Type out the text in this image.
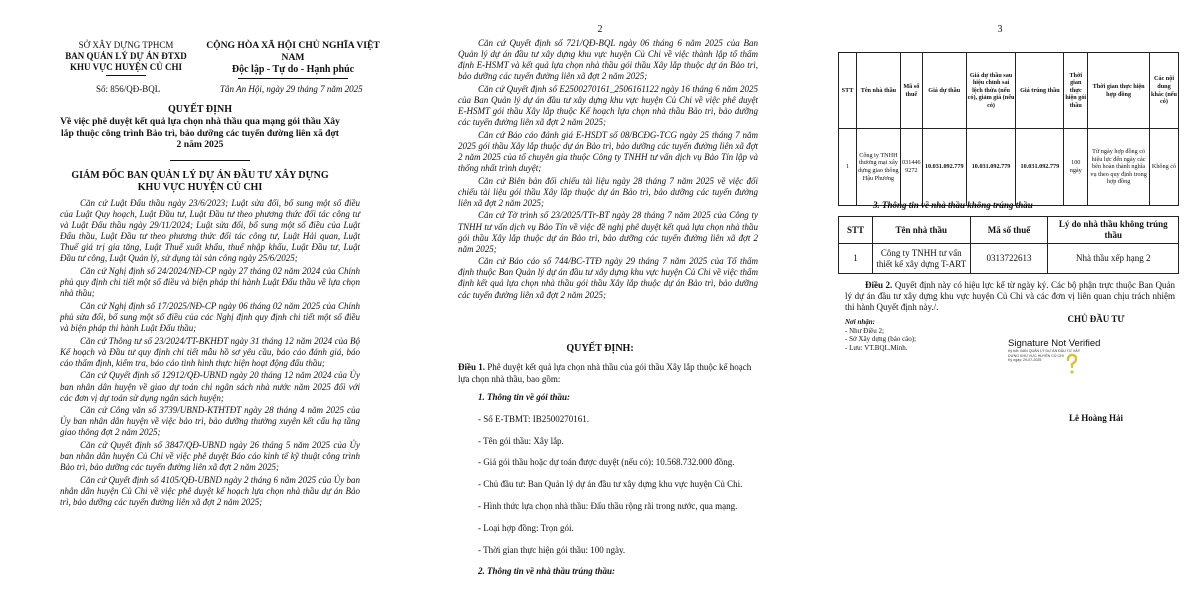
SỞ XÂY DỰNG TPHCM
BAN QUẢN LÝ DỰ ÁN ĐTXD
KHU VỰC HUYỆN CỦ CHI
CỘNG HÒA XÃ HỘI CHỦ NGHĨA VIỆT NAM
Độc lập - Tự do - Hạnh phúc
Số: 856/QĐ-BQL	Tân An Hội, ngày 29 tháng 7 năm 2025
QUYẾT ĐỊNH
Về việc phê duyệt kết quả lựa chọn nhà thầu qua mạng gói thầu Xây lắp thuộc công trình Bảo trì, bảo dưỡng các tuyến đường liên xã đợt 2 năm 2025
GIÁM ĐỐC BAN QUẢN LÝ DỰ ÁN ĐẦU TƯ XÂY DỰNG KHU VỰC HUYỆN CỦ CHI

Căn cứ Luật Đấu thầu ngày 23/6/2023; Luật sửa đổi, bổ sung một số điều của Luật Quy hoạch, Luật Đầu tư, Luật Đầu tư theo phương thức đối tác công tư và Luật Đấu thầu ngày 29/11/2024; Luật sửa đổi, bổ sung một số điều của Luật Đấu thầu, Luật Đầu tư theo phương thức đối tác công tư, Luật Hải quan, Luật Thuế giá trị gia tăng, Luật Thuế xuất khẩu, thuế nhập khẩu, Luật Đầu tư, Luật Đầu tư công, Luật Quản lý, sử dụng tài sản công ngày 25/6/2025;

Căn cứ Nghị định số 24/2024/NĐ-CP ngày 27 tháng 02 năm 2024 của Chính phủ quy định chi tiết một số điều và biện pháp thi hành Luật Đấu thầu về lựa chọn nhà thầu;

Căn cứ Nghị định số 17/2025/NĐ-CP ngày 06 tháng 02 năm 2025 của Chính phủ sửa đổi, bổ sung một số điều của các Nghị định quy định chi tiết một số điều và biện pháp thi hành Luật Đấu thầu;

Căn cứ Thông tư số 23/2024/TT-BKHĐT ngày 31 tháng 12 năm 2024 của Bộ Kế hoạch và Đầu tư quy định chi tiết mẫu hồ sơ yêu cầu, báo cáo đánh giá, báo cáo thẩm định, kiểm tra, báo cáo tình hình thực hiện hoạt động đấu thầu;

Căn cứ Quyết định số 12912/QĐ-UBND ngày 20 tháng 12 năm 2024 của Ủy ban nhân dân huyện về giao dự toán chi ngân sách nhà nước năm 2025 đối với các đơn vị dự toán sử dụng ngân sách huyện;

Căn cứ Công văn số 3739/UBND-KTHTĐT ngày 28 tháng 4 năm 2025 của Ủy ban nhân dân huyện về việc bảo trì, bảo dưỡng thường xuyên kết cấu hạ tầng giao thông đợt 2 năm 2025;

Căn cứ Quyết định số 3847/QĐ-UBND ngày 26 tháng 5 năm 2025 của Ủy ban nhân dân huyện Củ Chi về việc phê duyệt Báo cáo kinh tế kỹ thuật công trình Bảo trì, bảo dưỡng các tuyến đường liên xã đợt 2 năm 2025;

Căn cứ Quyết định số 4105/QĐ-UBND ngày 2 tháng 6 năm 2025 của Ủy ban nhân dân huyện Củ Chi về việc phê duyệt kế hoạch lựa chọn nhà thầu dự án Bảo trì, bảo dưỡng các tuyến đường liên xã đợt 2 năm 2025;

2

Căn cứ Quyết định số 721/QĐ-BQL ngày 06 tháng 6 năm 2025 của Ban Quản lý dự án đầu tư xây dựng khu vực huyện Củ Chi về việc thành lập tổ thẩm định E-HSMT và kết quả lựa chọn nhà thầu gói thầu Xây lắp thuộc dự án Bảo trì, bảo dưỡng các tuyến đường liên xã đợt 2 năm 2025;

Căn cứ Quyết định số E2500270161_2506161122 ngày 16 tháng 6 năm 2025 của Ban Quản lý dự án đầu tư xây dựng khu vực huyện Củ Chi về việc phê duyệt E-HSMT gói thầu Xây lắp thuộc Kế hoạch lựa chọn nhà thầu Bảo trì, bảo dưỡng các tuyến đường liên xã đợt 2 năm 2025;

Căn cứ Báo cáo đánh giá E-HSDT số 08/BCĐG-TCG ngày 25 tháng 7 năm 2025 gói thầu Xây lắp thuộc dự án Bảo trì, bảo dưỡng các tuyến đường liên xã đợt 2 năm 2025 của tổ chuyên gia thuộc Công ty TNHH tư vấn dịch vụ Bảo Tín lập và thống nhất trình duyệt;

Căn cứ Biên bản đối chiếu tài liệu ngày 28 tháng 7 năm 2025 về việc đối chiếu tài liệu gói thầu Xây lắp thuộc dự án Bảo trì, bảo dưỡng các tuyến đường liên xã đợt 2 năm 2025;

Căn cứ Tờ trình số 23/2025/TTr-BT ngày 28 tháng 7 năm 2025 của Công ty TNHH tư vấn dịch vụ Bảo Tín về việc đề nghị phê duyệt kết quả lựa chọn nhà thầu gói thầu Xây lắp thuộc dự án Bảo trì, bảo dưỡng các tuyến đường liên xã đợt 2 năm 2025;

Căn cứ Báo cáo số 744/BC-TTĐ ngày 29 tháng 7 năm 2025 của Tổ thẩm định thuộc Ban Quản lý dự án đầu tư xây dựng khu vực huyện Củ Chi về việc thẩm định kết quả lựa chọn nhà thầu gói thầu Xây lắp thuộc dự án Bảo trì, bảo dưỡng các tuyến đường liên xã đợt 2 năm 2025;

QUYẾT ĐỊNH:
Điều 1. Phê duyệt kết quả lựa chọn nhà thầu của gói thầu Xây lắp thuộc kế hoạch lựa chọn nhà thầu, bao gồm:
1. Thông tin về gói thầu:
- Số E-TBMT: IB2500270161.
- Tên gói thầu: Xây lắp.
- Giá gói thầu hoặc dự toán được duyệt (nếu có): 10.568.732.000 đồng.
- Chủ đầu tư: Ban Quản lý dự án đầu tư xây dựng khu vực huyện Củ Chi.
- Hình thức lựa chọn nhà thầu: Đấu thầu rộng rãi trong nước, qua mạng.
- Loại hợp đồng: Trọn gói.
- Thời gian thực hiện gói thầu: 100 ngày.
2. Thông tin về nhà thầu trúng thầu:
3
STT	Tên nhà thầu	Mã số thuế	Giá dự thầu	Giá dự thầu sau hiệu chỉnh sai lệch thừa (nếu có), giảm giá (nếu có)	Giá trúng thầu	Thời gian thực hiện gói thầu	Thời gian thực hiện hợp đồng	Các nội dung khác (nếu có)
1	Công ty TNHH thương mại xây dựng giao thông Hậu Phương	0314469272	10.031.092.779	10.031.092.779	10.031.092.779	100 ngày	Từ ngày hợp đồng có hiệu lực đến ngày các bên hoàn thành nghĩa vụ theo quy định trong hợp đồng	Không có
3. Thông tin về nhà thầu không trúng thầu
STT	Tên nhà thầu	Mã số thuế	Lý do nhà thầu không trúng thầu
1	Công ty TNHH tư vấn thiết kế xây dựng T-ART	0313722613	Nhà thầu xếp hạng 2
Điều 2. Quyết định này có hiệu lực kể từ ngày ký. Các bộ phận trực thuộc Ban Quản lý dự án đầu tư xây dựng khu vực huyện Củ Chi và các đơn vị liên quan chịu trách nhiệm thi hành Quyết định này./.
Nơi nhận:
- Như Điều 2;
- Sở Xây dựng (báo cáo);
- Lưu: VT.BQL.Minh.
CHỦ ĐẦU TƯ
Signature Not Verified
Ký bởi: BAN QUẢN LÝ DỰ ÁN ĐẦU TƯ XÂY
DỰNG KHU VỰC HUYỆN CỦ CHI
Ký ngày: 29-07-2025
Lê Hoàng Hải
